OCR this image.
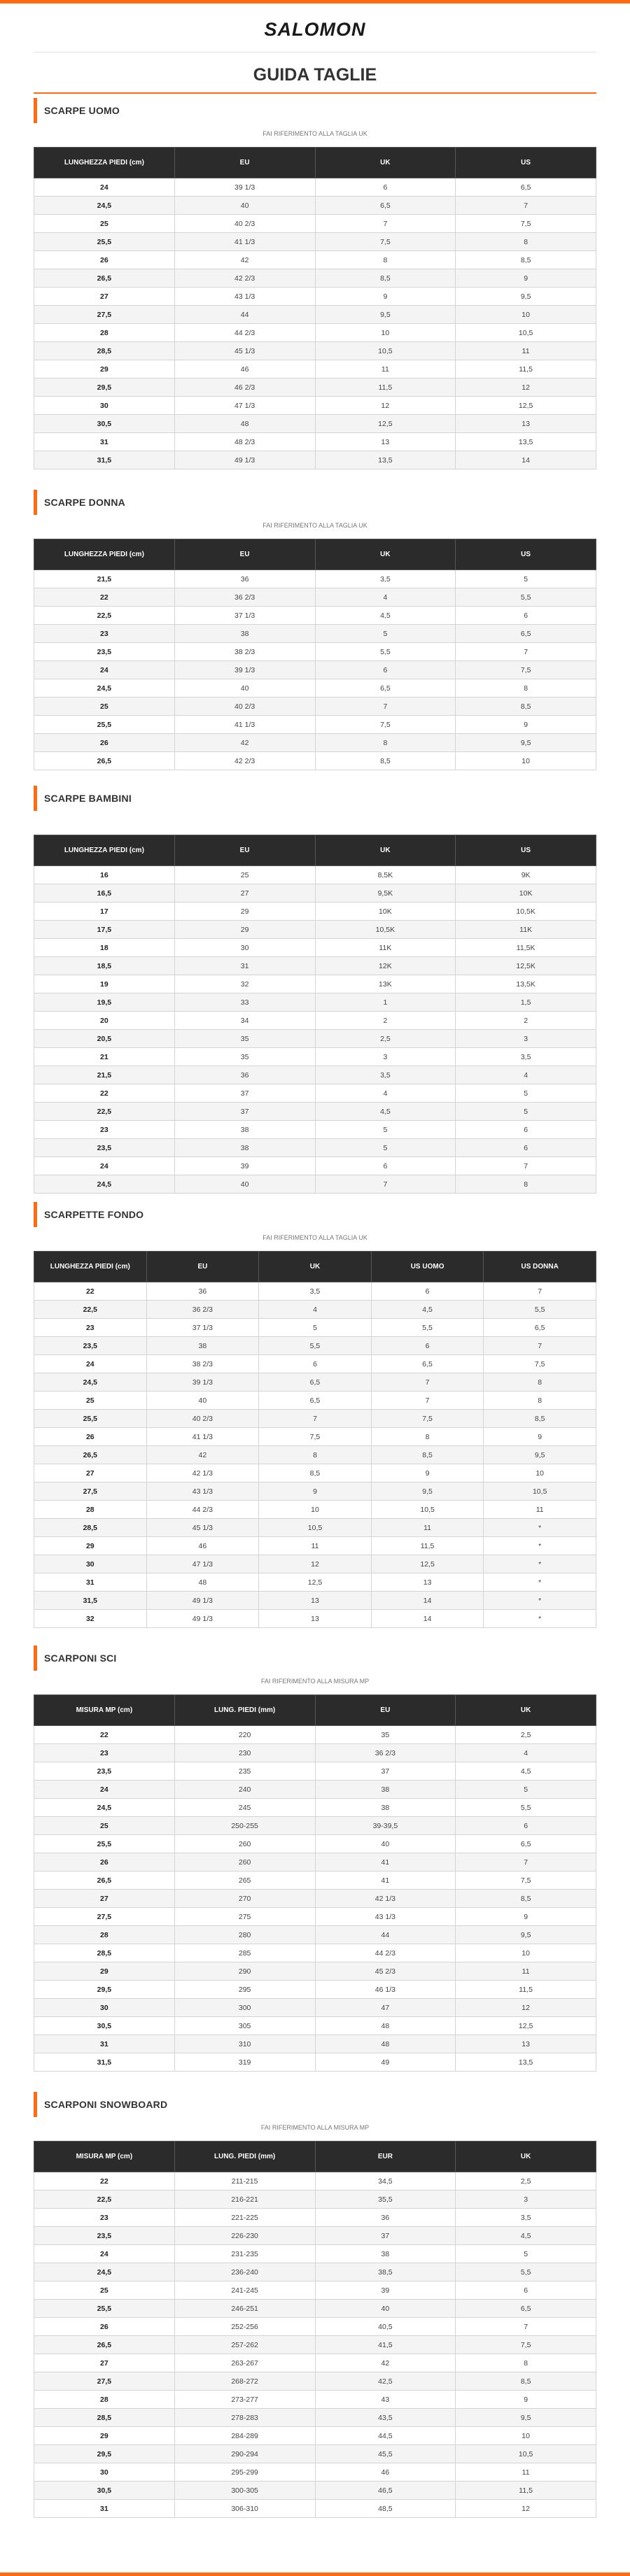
SALOMON
GUIDA TAGLIE
SCARPE UOMO
FAI RIFERIMENTO ALLA TAGLIA UK
LUNGHEZZA PIEDI (cm)	EU	UK	US
24	39 1/3	6	6,5
24,5	40	6,5	7
25	40 2/3	7	7,5
25,5	41 1/3	7,5	8
26	42	8	8,5
26,5	42 2/3	8,5	9
27	43 1/3	9	9,5
27,5	44	9,5	10
28	44 2/3	10	10,5
28,5	45 1/3	10,5	11
29	46	11	11,5
29,5	46 2/3	11,5	12
30	47 1/3	12	12,5
30,5	48	12,5	13
31	48 2/3	13	13,5
31,5	49 1/3	13,5	14
SCARPE DONNA
FAI RIFERIMENTO ALLA TAGLIA UK
LUNGHEZZA PIEDI (cm)	EU	UK	US
21,5	36	3,5	5
22	36 2/3	4	5,5
22,5	37 1/3	4,5	6
23	38	5	6,5
23,5	38 2/3	5,5	7
24	39 1/3	6	7,5
24,5	40	6,5	8
25	40 2/3	7	8,5
25,5	41 1/3	7,5	9
26	42	8	9,5
26,5	42 2/3	8,5	10
SCARPE BAMBINI
LUNGHEZZA PIEDI (cm)	EU	UK	US
16	25	8,5K	9K
16,5	27	9,5K	10K
17	29	10K	10,5K
17,5	29	10,5K	11K
18	30	11K	11,5K
18,5	31	12K	12,5K
19	32	13K	13,5K
19,5	33	1	1,5
20	34	2	2
20,5	35	2,5	3
21	35	3	3,5
21,5	36	3,5	4
22	37	4	5
22,5	37	4,5	5
23	38	5	6
23,5	38	5	6
24	39	6	7
24,5	40	7	8
SCARPETTE FONDO
FAI RIFERIMENTO ALLA TAGLIA UK
LUNGHEZZA PIEDI (cm)	EU	UK	US UOMO	US DONNA
22	36	3,5	6	7
22,5	36 2/3	4	4,5	5,5
23	37 1/3	5	5,5	6,5
23,5	38	5,5	6	7
24	38 2/3	6	6,5	7,5
24,5	39 1/3	6,5	7	8
25	40	6,5	7	8
25,5	40 2/3	7	7,5	8,5
26	41 1/3	7,5	8	9
26,5	42	8	8,5	9,5
27	42 1/3	8,5	9	10
27,5	43 1/3	9	9,5	10,5
28	44 2/3	10	10,5	11
28,5	45 1/3	10,5	11	*
29	46	11	11,5	*
30	47 1/3	12	12,5	*
31	48	12,5	13	*
31,5	49 1/3	13	14	*
32	49 1/3	13	14	*
SCARPONI SCI
FAI RIFERIMENTO ALLA MISURA MP
MISURA MP (cm)	LUNG. PIEDI (mm)	EU	UK
22	220	35	2,5
23	230	36 2/3	4
23,5	235	37	4,5
24	240	38	5
24,5	245	38	5,5
25	250-255	39-39,5	6
25,5	260	40	6,5
26	260	41	7
26,5	265	41	7,5
27	270	42 1/3	8,5
27,5	275	43 1/3	9
28	280	44	9,5
28,5	285	44 2/3	10
29	290	45 2/3	11
29,5	295	46 1/3	11,5
30	300	47	12
30,5	305	48	12,5
31	310	48	13
31,5	319	49	13,5
SCARPONI SNOWBOARD
FAI RIFERIMENTO ALLA MISURA MP
MISURA MP (cm)	LUNG. PIEDI (mm)	EUR	UK
22	211-215	34,5	2,5
22,5	216-221	35,5	3
23	221-225	36	3,5
23,5	226-230	37	4,5
24	231-235	38	5
24,5	236-240	38,5	5,5
25	241-245	39	6
25,5	246-251	40	6,5
26	252-256	40,5	7
26,5	257-262	41,5	7,5
27	263-267	42	8
27,5	268-272	42,5	8,5
28	273-277	43	9
28,5	278-283	43,5	9,5
29	284-289	44,5	10
29,5	290-294	45,5	10,5
30	295-299	46	11
30,5	300-305	46,5	11,5
31	306-310	48,5	12
